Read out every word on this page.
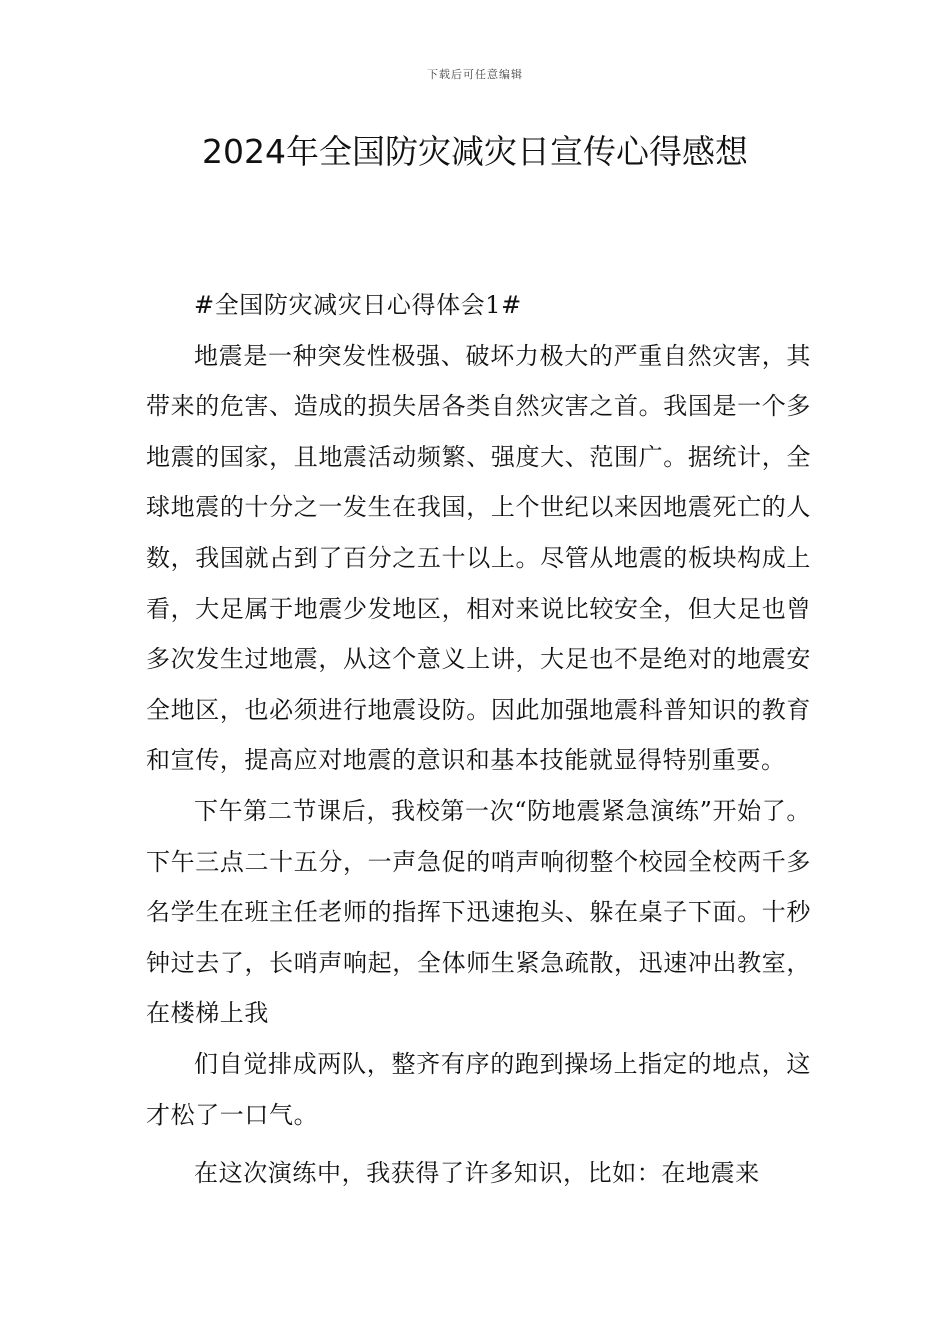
下载后可任意编辑
2024年全国防灾减灾日宣传心得感想

#全国防灾减灾日心得体会1#

地震是一种突发性极强、破坏力极大的严重自然灾害，其带来的危害、造成的损失居各类自然灾害之首。我国是一个多地震的国家，且地震活动频繁、强度大、范围广。据统计，全球地震的十分之一发生在我国，上个世纪以来因地震死亡的人数，我国就占到了百分之五十以上。尽管从地震的板块构成上看，大足属于地震少发地区，相对来说比较安全，但大足也曾多次发生过地震，从这个意义上讲，大足也不是绝对的地震安全地区，也必须进行地震设防。因此加强地震科普知识的教育和宣传，提高应对地震的意识和基本技能就显得特别重要。

下午第二节课后，我校第一次“防地震紧急演练”开始了。下午三点二十五分，一声急促的哨声响彻整个校园全校两千多名学生在班主任老师的指挥下迅速抱头、躲在桌子下面。十秒钟过去了，长哨声响起，全体师生紧急疏散，迅速冲出教室，在楼梯上我

们自觉排成两队，整齐有序的跑到操场上指定的地点，这才松了一口气。

在这次演练中，我获得了许多知识，比如：在地震来
